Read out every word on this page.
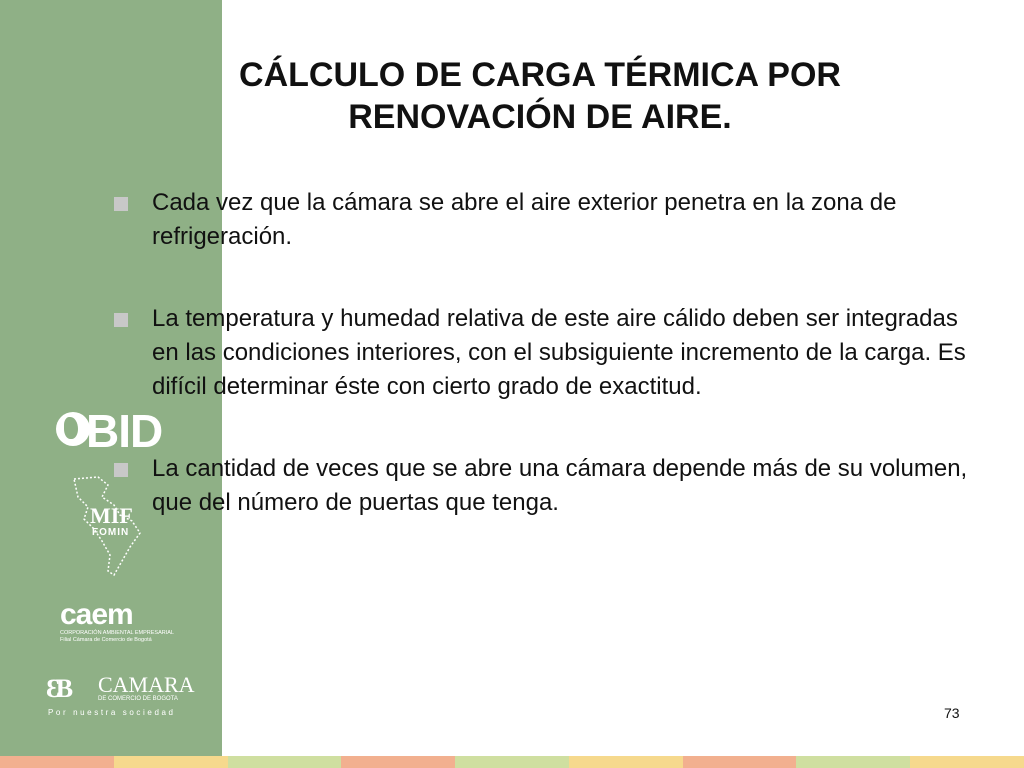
BID
MIF
FOMIN
caem
CORPORACIÓN AMBIENTAL EMPRESARIAL
Filial Cámara de Comercio de Bogotá
ƐB CAMARA
DE COMERCIO DE BOGOTA
Por nuestra sociedad
CÁLCULO DE CARGA TÉRMICA POR
RENOVACIÓN DE AIRE.
Cada vez que la cámara se abre el aire exterior penetra en la zona de refrigeración.
La temperatura y humedad relativa de este aire cálido deben ser integradas en las condiciones interiores, con el subsiguiente incremento de la carga. Es difícil determinar éste con cierto grado de exactitud.
La cantidad de veces que se abre una cámara depende más de su volumen, que del número de puertas que tenga.
73
